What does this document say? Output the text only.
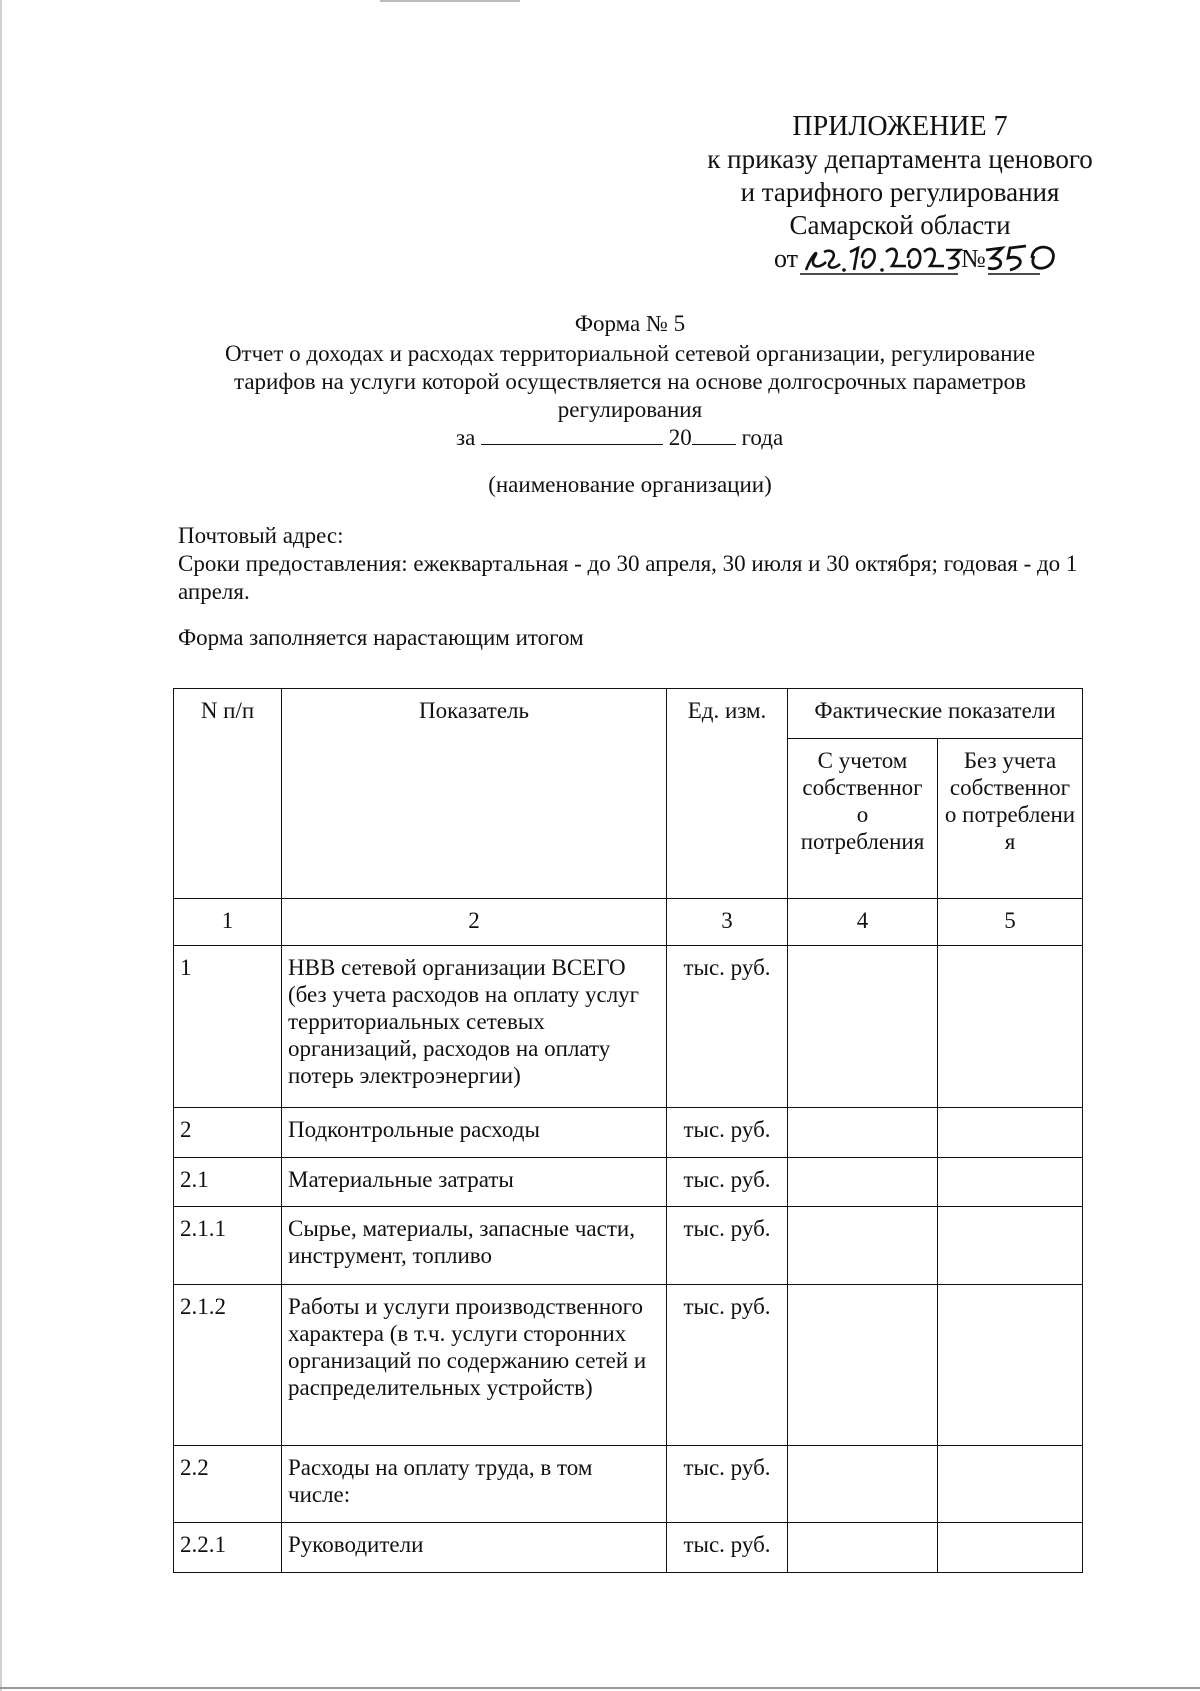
ПРИЛОЖЕНИЕ 7
к приказу департамента ценового
и тарифного регулирования
Самарской области
от	№
Форма № 5
Отчет о доходах и расходах территориальной сетевой организации, регулирование тарифов на услуги которой осуществляется на основе долгосрочных параметров регулирования
за	20 года
(наименование организации)

Почтовый адрес:

Сроки предоставления: ежеквартальная - до 30 апреля, 30 июля и 30 октября; годовая - до 1 апреля.

Форма заполняется нарастающим итогом
N п/п	Показатель	Ед. изм.	Фактические показатели	
			С учетом собственног о потребления	Без учета собственног о потреблени я
1	2	3	4	5
1	НВВ сетевой организации ВСЕГО (без учета расходов на оплату услуг территориальных сетевых организаций, расходов на оплату потерь электроэнергии)	тыс. руб.		
2	Подконтрольные расходы	тыс. руб.		
2.1	Материальные затраты	тыс. руб.		
2.1.1	Сырье, материалы, запасные части, инструмент, топливо	тыс. руб.		
2.1.2	Работы и услуги производственного характера (в т.ч. услуги сторонних организаций по содержанию сетей и распределительных устройств)	тыс. руб.		
2.2	Расходы на оплату труда, в том числе:	тыс. руб.		
2.2.1	Руководители	тыс. руб.		
